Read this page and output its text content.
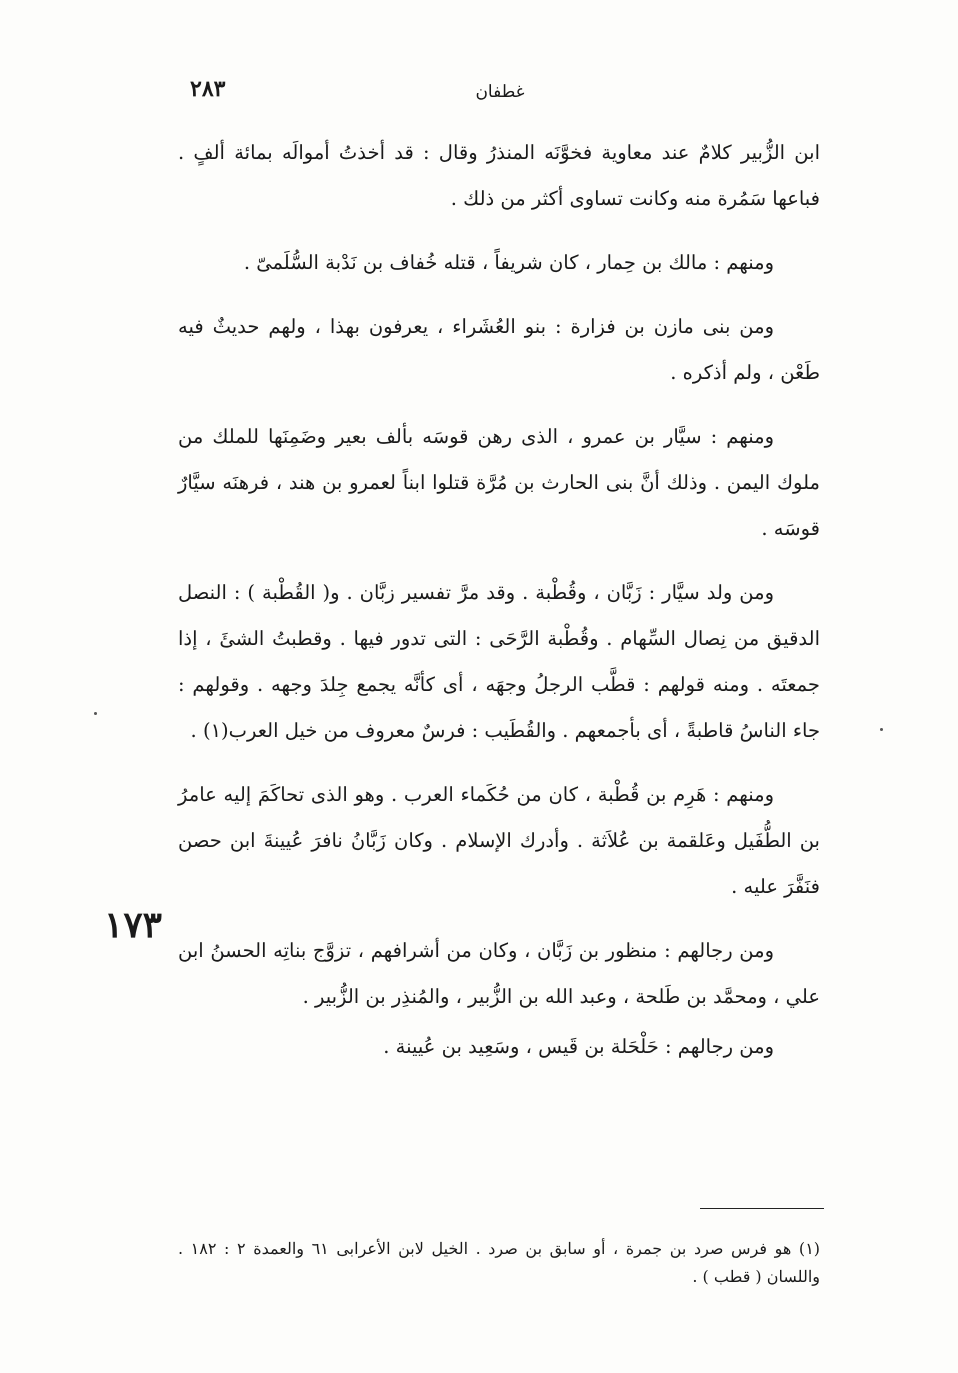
٢٨٣	غطفان
١٧٣

ابن الزُّبير كلامٌ عند معاوية فخوَّنَه المنذرُ وقال : قد أخذتُ أموالَه بمائة ألفٍ . فباعها سَمُرة منه وكانت تساوى أكثر من ذلك .

ومنهم : مالك بن حِمار ، كان شريفاً ، قتله خُفاف بن نَدْبة السُّلَمىّ .

ومن بنى مازن بن فزارة : بنو العُشَراء ، يعرفون بهذا ، ولهم حديثٌ فيه طَعْن ، ولم أذكره .

ومنهم : سيَّار بن عمرو ، الذى رهن قوسَه بألف بعير وضَمِنَها للملك من ملوك اليمن . وذلك أنَّ بنى الحارث بن مُرَّة قتلوا ابناً لعمرو بن هند ، فرهنَه سيَّارٌ قوسَه .

ومن ولد سيَّار : زَبَّان ، وقُطْبة . وقد مرَّ تفسير زبَّان . و( القُطْبة ) : النصل الدقيق من نِصال السِّهام . وقُطْبة الرَّحَى : التى تدور فيها . وقطبتُ الشئَ ، إذا جمعتَه . ومنه قولهم : قطَّب الرجلُ وجهَه ، أى كأنَّه يجمع جِلدَ وجهه . وقولهم : جاء الناسُ قاطبةً ، أى بأجمعهم . والقُطَيب : فرسٌ معروف من خيل العرب(١) .

ومنهم : هَرِم بن قُطْبة ، كان من حُكَماء العرب . وهو الذى تحاكَمَ إليه عامرُ بن الطُّفَيل وعَلقمة بن عُلاَثة . وأدرك الإسلام . وكان زَبَّانُ نافرَ عُيينةَ ابن حصن فنَفَّرَ عليه .

ومن رجالهم : منظور بن زَبَّان ، وكان من أشرافهم ، تزوَّج بناتِه الحسنُ ابن علي ، ومحمَّد بن طَلحة ، وعبد الله بن الزُّبير ، والمُنذِر بن الزُّبير .

ومن رجالهم : حَلْحَلة بن قَيس ، وسَعِيد بن عُيينة .

(١) هو فرس صرد بن جمرة ، أو سابق بن صرد . الخيل لابن الأعرابى ٦١ والعمدة ٢ : ١٨٢ . واللسان ( قطب ) .
